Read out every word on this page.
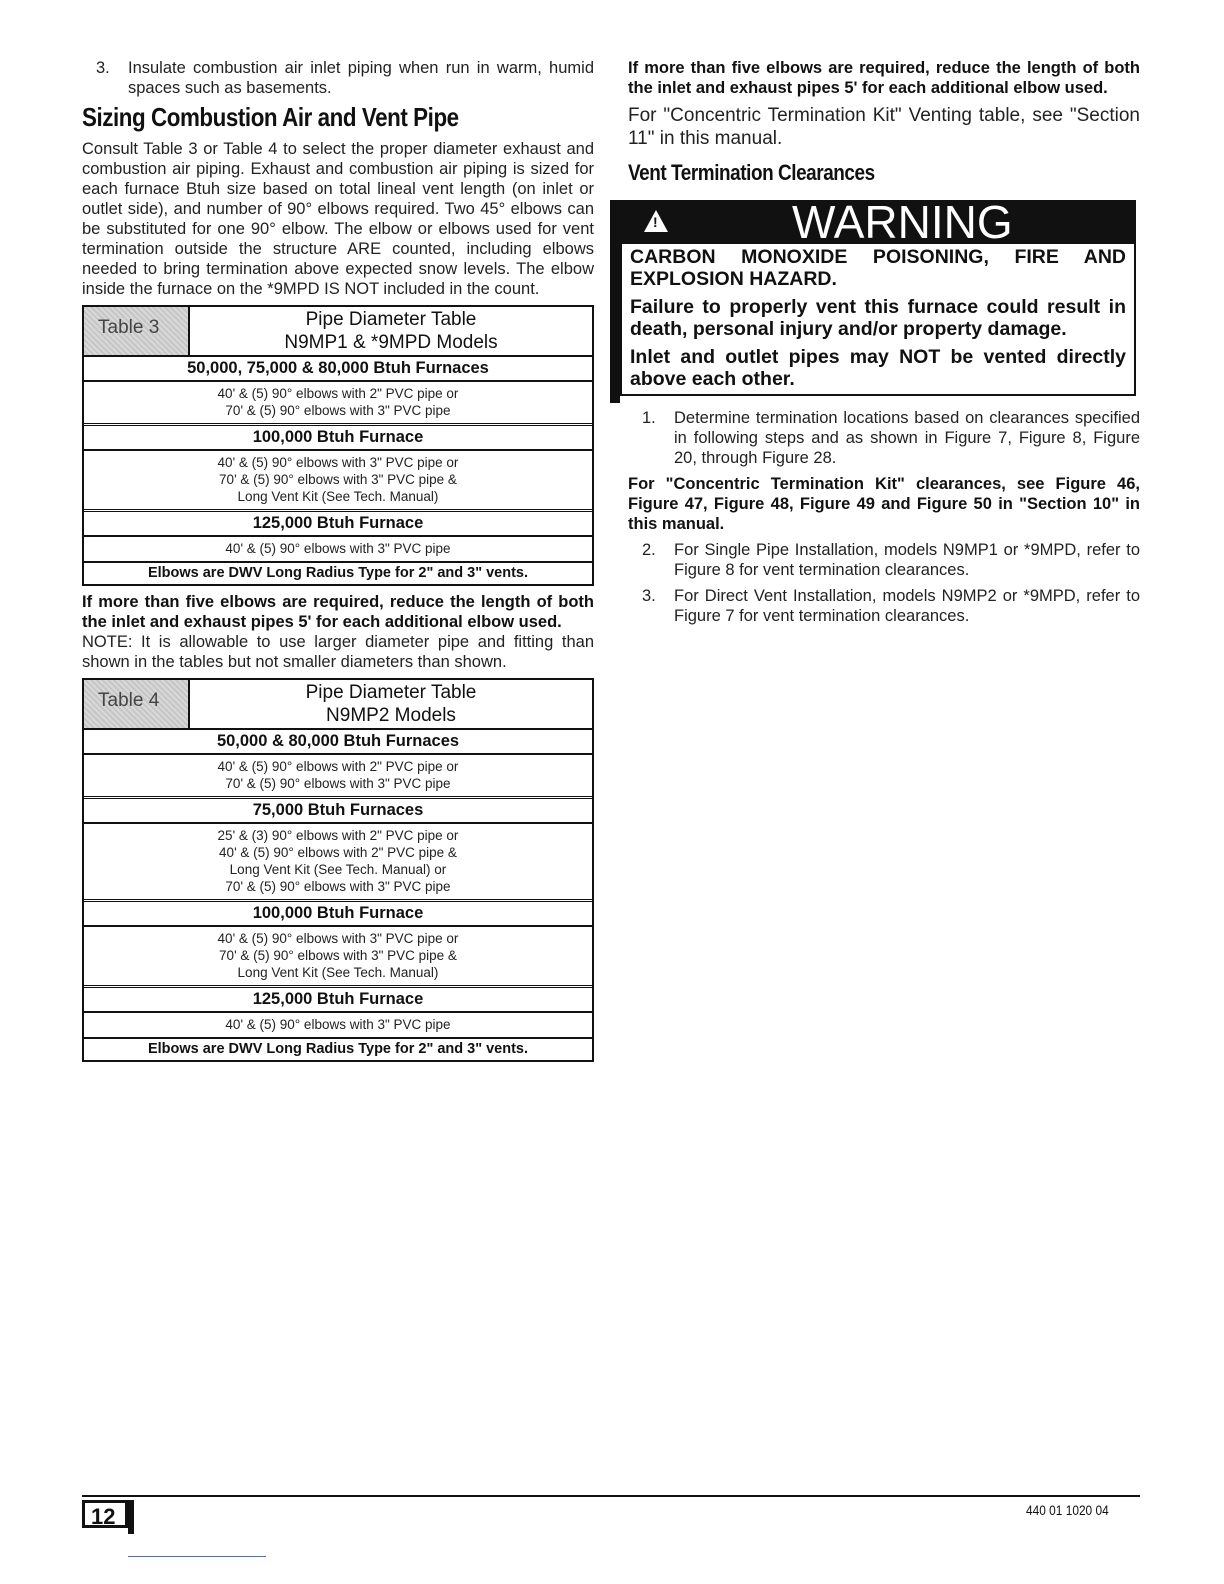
3.	Insulate combustion air inlet piping when run in warm, humid spaces such as basements.
Sizing Combustion Air and Vent Pipe

Consult Table 3 or Table 4 to select the proper diameter exhaust and combustion air piping. Exhaust and combustion air piping is sized for each furnace Btuh size based on total lineal vent length (on inlet or outlet side), and number of 90° elbows required. Two 45° elbows can be substituted for one 90° elbow. The elbow or elbows used for vent termination outside the structure ARE counted, including elbows needed to bring termination above expected snow levels. The elbow inside the furnace on the *9MPD IS NOT included in the count.

Table 3	Pipe Diameter Table
N9MP1 & *9MPD Models
50,000, 75,000 & 80,000 Btuh Furnaces
40' & (5) 90° elbows with 2" PVC pipe or
70' & (5) 90° elbows with 3" PVC pipe
100,000 Btuh Furnace
40' & (5) 90° elbows with 3" PVC pipe or
70' & (5) 90° elbows with 3" PVC pipe &
Long Vent Kit (See Tech. Manual)
125,000 Btuh Furnace
40' & (5) 90° elbows with 3" PVC pipe
Elbows are DWV Long Radius Type for 2" and 3" vents.

If more than five elbows are required, reduce the length of both the inlet and exhaust pipes 5' for each additional elbow used.

NOTE: It is allowable to use larger diameter pipe and fitting than shown in the tables but not smaller diameters than shown.

Table 4	Pipe Diameter Table
N9MP2 Models
50,000 & 80,000 Btuh Furnaces
40' & (5) 90° elbows with 2" PVC pipe or
70' & (5) 90° elbows with 3" PVC pipe
75,000 Btuh Furnaces
25' & (3) 90° elbows with 2" PVC pipe or
40' & (5) 90° elbows with 2" PVC pipe &
Long Vent Kit (See Tech. Manual) or
70' & (5) 90° elbows with 3" PVC pipe
100,000 Btuh Furnace
40' & (5) 90° elbows with 3" PVC pipe or
70' & (5) 90° elbows with 3" PVC pipe &
Long Vent Kit (See Tech. Manual)
125,000 Btuh Furnace
40' & (5) 90° elbows with 3" PVC pipe
Elbows are DWV Long Radius Type for 2" and 3" vents.

If more than five elbows are required, reduce the length of both the inlet and exhaust pipes 5' for each additional elbow used.

For "Concentric Termination Kit" Venting table, see "Section 11" in this manual.

Vent Termination Clearances
!	WARNING

CARBON MONOXIDE POISONING, FIRE AND EXPLOSION HAZARD.

Failure to properly vent this furnace could result in death, personal injury and/or property damage.

Inlet and outlet pipes may NOT be vented directly above each other.

1.	Determine termination locations based on clearances specified in following steps and as shown in Figure 7, Figure 8, Figure 20, through Figure 28.

For "Concentric Termination Kit" clearances, see Figure 46, Figure 47, Figure 48, Figure 49 and Figure 50 in "Section 10" in this manual.

2.	For Single Pipe Installation, models N9MP1 or *9MPD, refer to Figure 8 for vent termination clearances.
3.	For Direct Vent Installation, models N9MP2 or *9MPD, refer to Figure 7 for vent termination clearances.
12	440 01 1020 04
